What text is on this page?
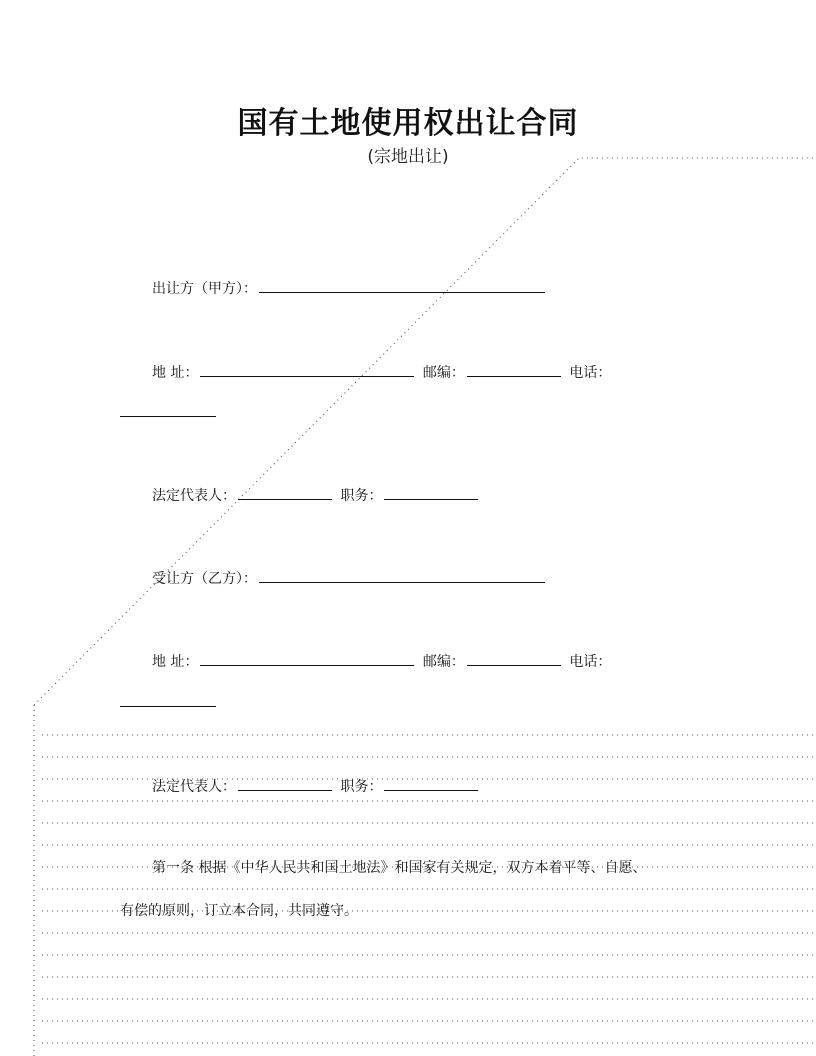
国有土地使用权出让合同
(宗地出让)
出让方（甲方）：
地 址：	邮编：	电话：
法定代表人：	职务：
受让方（乙方）：
地 址：	邮编：	电话：
法定代表人：	职务：
第一条 根据《中华人民共和国土地法》和国家有关规定，双方本着平等、自愿、
有偿的原则，订立本合同，共同遵守。
